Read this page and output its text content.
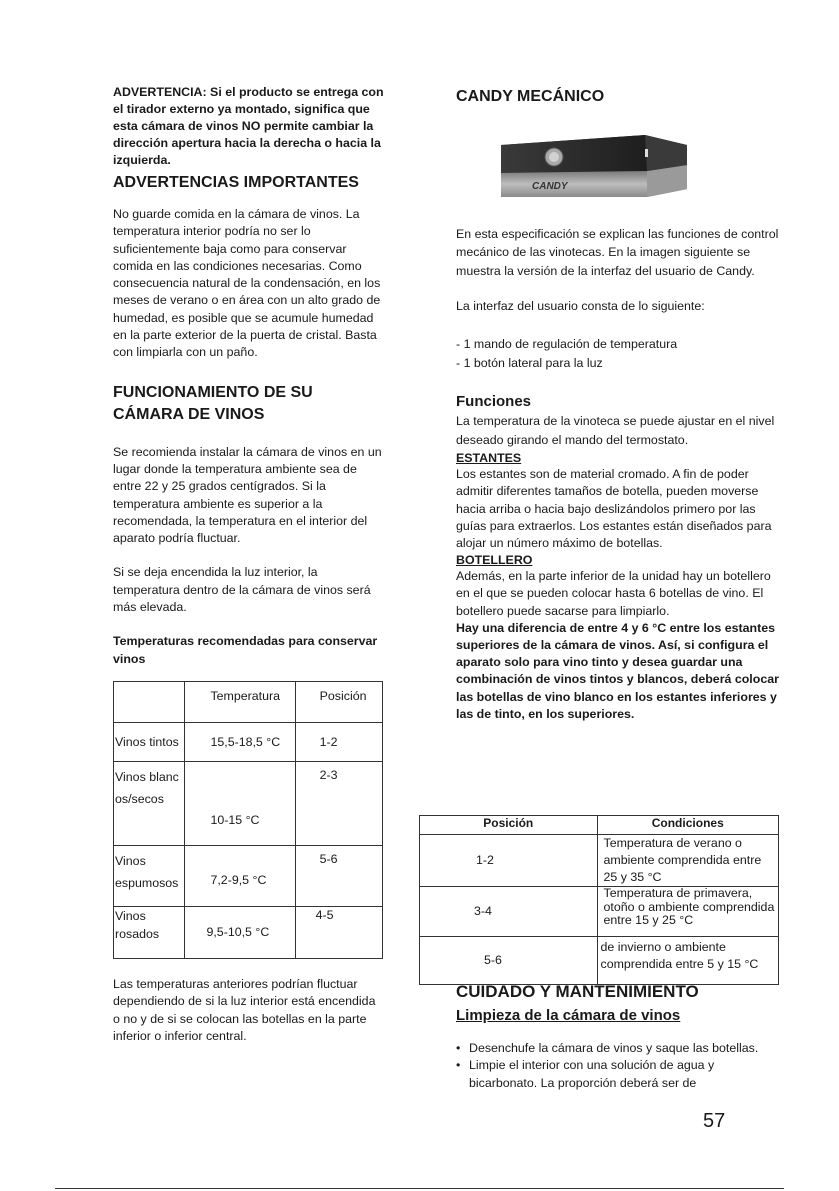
ADVERTENCIA: Si el producto se entrega con el tirador externo ya montado, significa que esta cámara de vinos NO permite cambiar la dirección apertura hacia la derecha o hacia la izquierda.

ADVERTENCIAS IMPORTANTES

No guarde comida en la cámara de vinos. La temperatura interior podría no ser lo suficientemente baja como para conservar comida en las condiciones necesarias. Como consecuencia natural de la condensación, en los meses de verano o en área con un alto grado de humedad, es posible que se acumule humedad en la parte exterior de la puerta de cristal. Basta con limpiarla con un paño.

FUNCIONAMIENTO DE SU CÁMARA DE VINOS

Se recomienda instalar la cámara de vinos en un lugar donde la temperatura ambiente sea de entre 22 y 25 grados centígrados. Si la temperatura ambiente es superior a la recomendada, la temperatura en el interior del aparato podría fluctuar.

Si se deja encendida la luz interior, la temperatura dentro de la cámara de vinos será más elevada.

Temperaturas recomendadas para conservar vinos

	Temperatura	Posición

Vinos tintos	15,5-18,5 °C	1-2

Vinos blancos/secos	10-15 °C	2-3

Vinos espumosos	7,2-9,5 °C	5-6

Vinos rosados	9,5-10,5 °C	4-5

Las temperaturas anteriores podrían fluctuar dependiendo de si la luz interior está encendida o no y de si se colocan las botellas en la parte inferior o inferior central.

CANDY MECÁNICO
CANDY

En esta especificación se explican las funciones de control mecánico de las vinotecas. En la imagen siguiente se muestra la versión de la interfaz del usuario de Candy.

La interfaz del usuario consta de lo siguiente:

- 1 mando de regulación de temperatura

- 1 botón lateral para la luz

Funciones

La temperatura de la vinoteca se puede ajustar en el nivel deseado girando el mando del termostato.

ESTANTES

Los estantes son de material cromado. A fin de poder admitir diferentes tamaños de botella, pueden moverse hacia arriba o hacia bajo deslizándolos primero por las guías para extraerlos. Los estantes están diseñados para alojar un número máximo de botellas.

BOTELLERO

Además, en la parte inferior de la unidad hay un botellero en el que se pueden colocar hasta 6 botellas de vino. El botellero puede sacarse para limpiarlo.

Hay una diferencia de entre 4 y 6 °C entre los estantes superiores de la cámara de vinos. Así, si configura el aparato solo para vino tinto y desea guardar una combinación de vinos tintos y blancos, deberá colocar las botellas de vino blanco en los estantes inferiores y las de tinto, en los superiores.

Posición	Condiciones
1-2	Temperatura de verano o ambiente comprendida entre 25 y 35 °C
3-4	Temperatura de primavera, otoño o ambiente comprendida entre 15 y 25 °C
5-6	de invierno o ambiente comprendida entre 5 y 15 °C
CUIDADO Y MANTENIMIENTO
Limpieza de la cámara de vinos
• Desenchufe la cámara de vinos y saque las botellas.
• Limpie el interior con una solución de agua y bicarbonato. La proporción deberá ser de
57
